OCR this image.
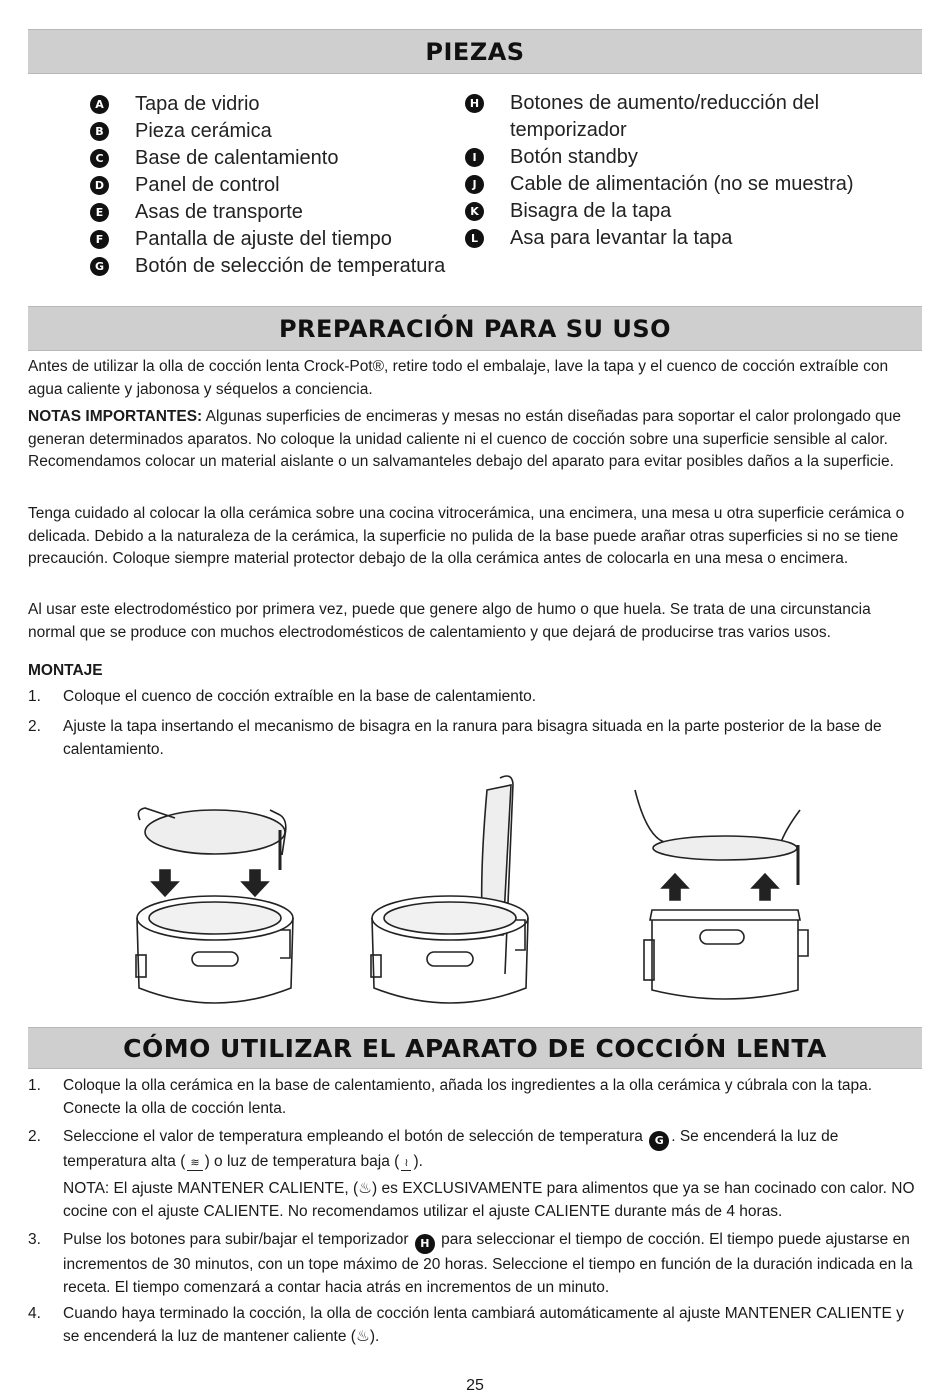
PIEZAS
A Tapa de vidrio
B Pieza cerámica
C Base de calentamiento
D Panel de control
E Asas de transporte
F Pantalla de ajuste del tiempo
G Botón de selección de temperatura
H Botones de aumento/reducción del temporizador
I	Botón standby
J	Cable de alimentación (no se muestra)
K Bisagra de la tapa
L	Asa para levantar la tapa
PREPARACIÓN PARA SU USO
Antes de utilizar la olla de cocción lenta Crock-Pot®, retire todo el embalaje, lave la tapa y el cuenco de cocción extraíble con agua caliente y jabonosa y séquelos a conciencia.
NOTAS IMPORTANTES: Algunas superficies de encimeras y mesas no están diseñadas para soportar el calor prolongado que generan determinados aparatos. No coloque la unidad caliente ni el cuenco de cocción sobre una superficie sensible al calor. Recomendamos colocar un material aislante o un salvamanteles debajo del aparato para evitar posibles daños a la superficie.
Tenga cuidado al colocar la olla cerámica sobre una cocina vitrocerámica, una encimera, una mesa u otra superficie cerámica o delicada. Debido a la naturaleza de la cerámica, la superficie no pulida de la base puede arañar otras superficies si no se tiene precaución. Coloque siempre material protector debajo de la olla cerámica antes de colocarla en una mesa o encimera.
Al usar este electrodoméstico por primera vez, puede que genere algo de humo o que huela. Se trata de una circunstancia normal que se produce con muchos electrodomésticos de calentamiento y que dejará de producirse tras varios usos.
MONTAJE
1. Coloque el cuenco de cocción extraíble en la base de calentamiento.
2. Ajuste la tapa insertando el mecanismo de bisagra en la ranura para bisagra situada en la parte posterior de la base de calentamiento.
CÓMO UTILIZAR EL APARATO DE COCCIÓN LENTA
1. Coloque la olla cerámica en la base de calentamiento, añada los ingredientes a la olla cerámica y cúbrala con la tapa. Conecte la olla de cocción lenta.
2. Seleccione el valor de temperatura empleando el botón de selección de temperatura G . Se encenderá la luz de temperatura alta ( ≋ ) o luz de temperatura baja ( ≀ ).
NOTA: El ajuste MANTENER CALIENTE, (♨) es EXCLUSIVAMENTE para alimentos que ya se han cocinado con calor. NO cocine con el ajuste CALIENTE. No recomendamos utilizar el ajuste CALIENTE durante más de 4 horas.
3. Pulse los botones para subir/bajar el temporizador H para seleccionar el tiempo de cocción. El tiempo puede ajustarse en incrementos de 30 minutos, con un tope máximo de 20 horas. Seleccione el tiempo en función de la duración indicada en la receta. El tiempo comenzará a contar hacia atrás en incrementos de un minuto.
4. Cuando haya terminado la cocción, la olla de cocción lenta cambiará automáticamente al ajuste MANTENER CALIENTE y se encenderá la luz de mantener caliente (♨).
25
